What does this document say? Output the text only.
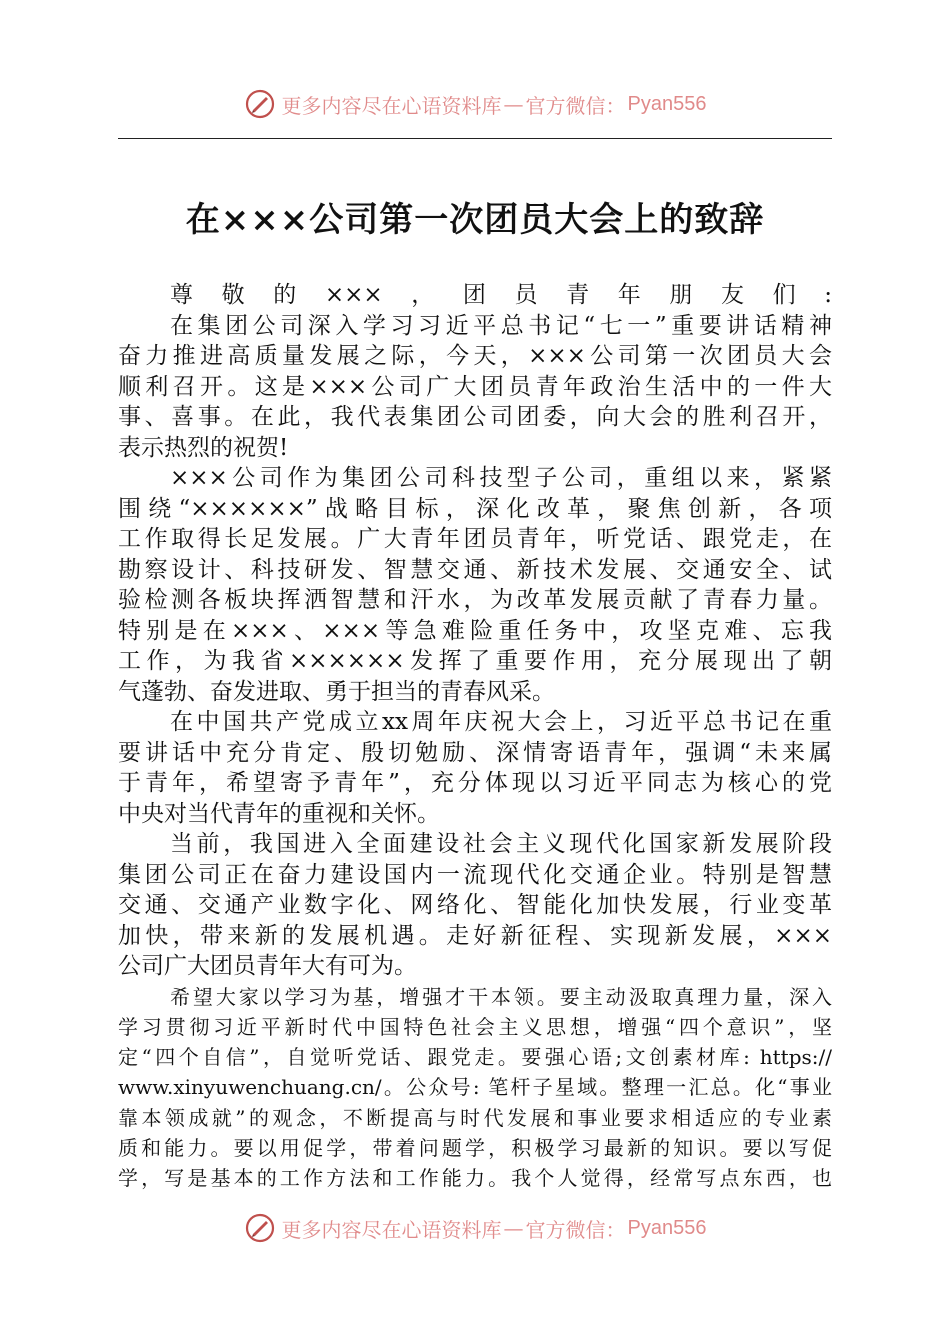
更多内容尽在心语资料库 — 官方微信： Pyan556
在×××公司第一次团员大会上的致辞
尊敬的×××，团员青年朋友们:
在集团公司深入学习习近平总书记“七一”重要讲话精神
奋力推进高质量发展之际，今天，×××公司第一次团员大会
顺利召开。这是×××公司广大团员青年政治生活中的一件大
事、喜事。在此，我代表集团公司团委，向大会的胜利召开，
表示热烈的祝贺!
×××公司作为集团公司科技型子公司，重组以来，紧紧
围绕“××××××”战略目标，深化改革，聚焦创新，各项
工作取得长足发展。广大青年团员青年，听党话、跟党走，在
勘察设计、科技研发、智慧交通、新技术发展、交通安全、试
验检测各板块挥洒智慧和汗水，为改革发展贡献了青春力量。
特别是在×××、×××等急难险重任务中，攻坚克难、忘我
工作，为我省××××××发挥了重要作用，充分展现出了朝
气蓬勃、奋发进取、勇于担当的青春风采。
在中国共产党成立xx周年庆祝大会上，习近平总书记在重
要讲话中充分肯定、殷切勉励、深情寄语青年，强调“未来属
于青年，希望寄予青年”，充分体现以习近平同志为核心的党
中央对当代青年的重视和关怀。
当前，我国进入全面建设社会主义现代化国家新发展阶段
集团公司正在奋力建设国内一流现代化交通企业。特别是智慧
交通、交通产业数字化、网络化、智能化加快发展，行业变革
加快，带来新的发展机遇。走好新征程、实现新发展，×××
公司广大团员青年大有可为。
希望大家以学习为基，增强才干本领。要主动汲取真理力量，深入
学习贯彻习近平新时代中国特色社会主义思想，增强“四个意识”，坚
定“四个自信”，自觉听党话、跟党走。要强心语;文创素材库: https://
www.xinyuwenchuang.cn/。公众号: 笔杆子星域。整理一汇总。化“事业
靠本领成就”的观念，不断提高与时代发展和事业要求相适应的专业素
质和能力。要以用促学，带着问题学，积极学习最新的知识。要以写促
学，写是基本的工作方法和工作能力。我个人觉得，经常写点东西，也
更多内容尽在心语资料库 — 官方微信： Pyan556
